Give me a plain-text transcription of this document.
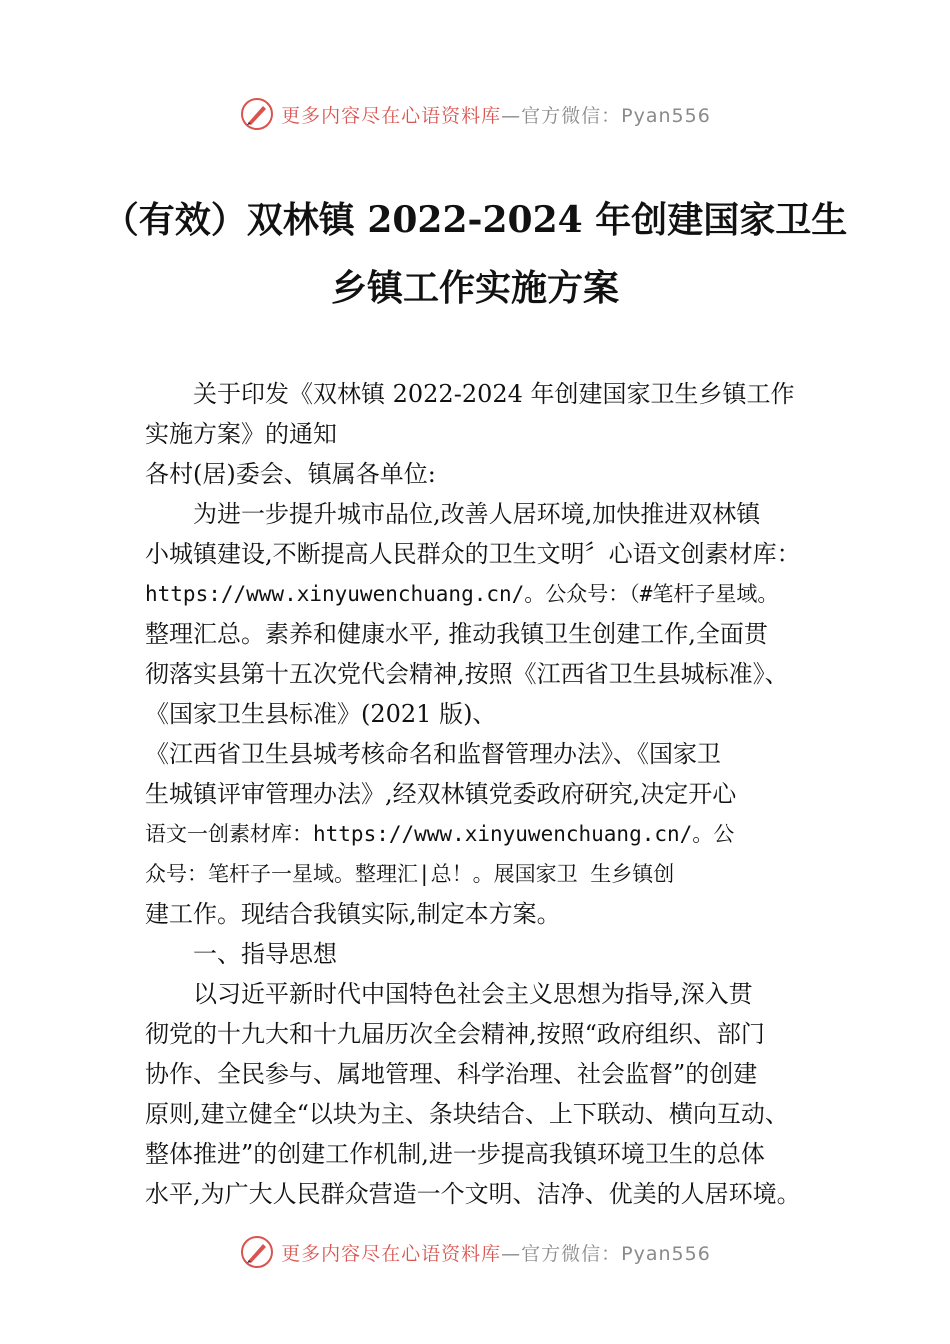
更多内容尽在心语资料库—官方微信：Pyan556
（有效）双林镇 2022-2024 年创建国家卫生
乡镇工作实施方案
关于印发《双林镇 2022-2024 年创建国家卫生乡镇工作
实施方案》的通知
各村(居)委会、镇属各单位:
为进一步提升城市品位,改善人居环境,加快推进双林镇
小城镇建设,不断提高人民群众的卫生文明〞心语文创素材库：
https://www.xinyuwenchuang.cn/。公众号：（#笔杆子星域。
整理汇总。素养和健康水平, 推动我镇卫生创建工作,全面贯
彻落实县第十五次党代会精神,按照《江西省卫生县城标准》、
《国家卫生县标准》(2021 版)、
《江西省卫生县城考核命名和监督管理办法》、《国家卫
生城镇评审管理办法》,经双林镇党委政府研究,决定开心
语文一创素材库：https://www.xinyuwenchuang.cn/。公
众号：笔杆子一星域。整理汇|总！。展国家卫 生乡镇创
建工作。现结合我镇实际,制定本方案。
一、指导思想
以习近平新时代中国特色社会主义思想为指导,深入贯
彻党的十九大和十九届历次全会精神,按照“政府组织、部门
协作、全民参与、属地管理、科学治理、社会监督”的创建
原则,建立健全“以块为主、条块结合、上下联动、横向互动、
整体推进”的创建工作机制,进一步提高我镇环境卫生的总体
水平,为广大人民群众营造一个文明、洁净、优美的人居环境。
更多内容尽在心语资料库—官方微信：Pyan556
